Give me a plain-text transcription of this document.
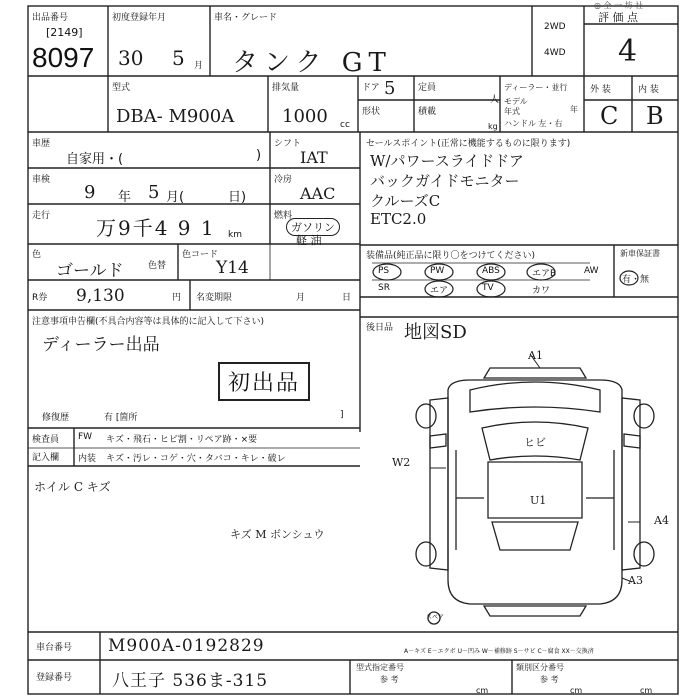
出品番号
[2149]
8097
初度登録年月
30 5 月
車名・グレード
タンク GT
2WD
4WD
評 価 点
4
外 装	内 装
C B
◎ 全 一 坊 社
型式
DBA- M900A
排気量
1000 cc
ドア 5
形状
定員
人
積載
kg
ディーラー・並行
モデル
年式	年
ハンドル 左・右
車歴
自家用・(	)
シフト
IAT
車検
9 年 5 月(	日)
冷房
AAC
走行 万9千4 9 1 km
燃料
ガソリン
軽 油
色
ゴールド	色替
色コード
Y14
R券 9,130	円 名変期限	月	日
注意事項申告欄(不具合内容等は具体的に記入して下さい)
ディーラー出品
初出品
修復歴	有 [箇所	]
検査員
記入欄
FW キズ・飛石・ヒビ割・リペア跡・×要
内装 キズ・汚レ・コゲ・穴・タバコ・キレ・破レ
ホイル C キズ
キズ M ボンシュウ
セールスポイント(正常に機能するものに限ります)
W/パワースライドドア
バックガイドモニター
クルーズC
ETC2.0
装備品(純正品に限り〇をつけてください)	新車保証書
有・無
PS	PW	ABS	エアB	AW
SR	エア	TV	カワ
後日品 地図SD
A1
ヒビ
W2
U1
A4
A3
スペア
車台番号 M900A-0192829
登録番号 八王子 536ま-315
A－キズ E－エクボ U－凹み W－補修跡 S－サビ C－腐食 XX－交換済
型式指定番号
参 考
類別区分番号
参 考
cm	cm	cm
